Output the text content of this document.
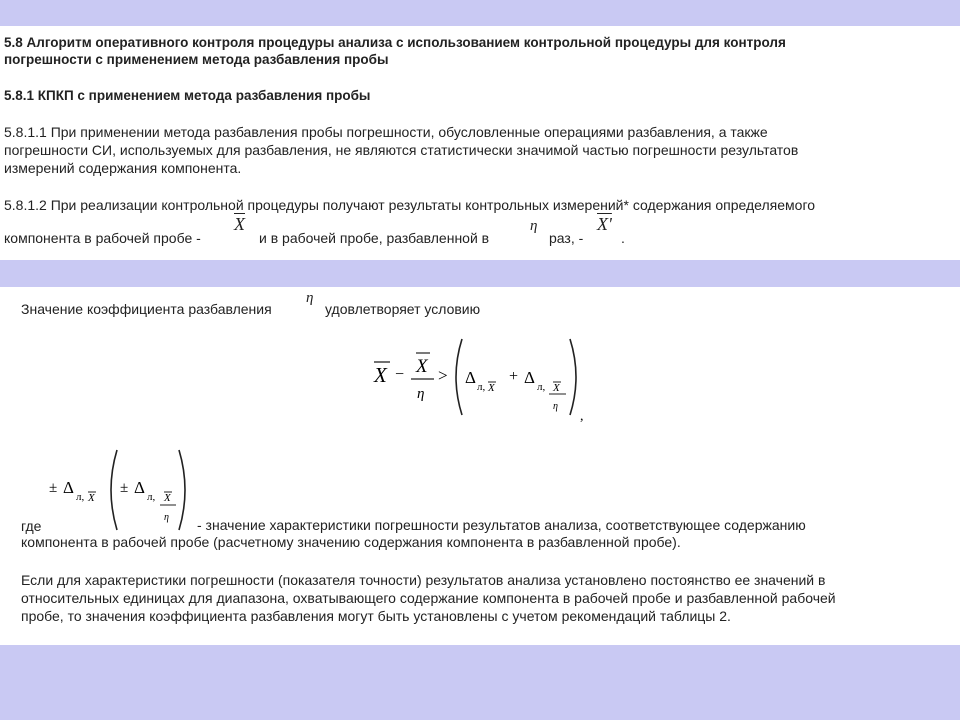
5.8 Алгоритм оперативного контроля процедуры анализа с использованием контрольной процедуры для контроля
погрешности с применением метода разбавления пробы
5.8.1 КПКП с применением метода разбавления пробы
5.8.1.1 При применении метода разбавления пробы погрешности, обусловленные операциями разбавления, а также
погрешности СИ, используемых для разбавления, не являются статистически значимой частью погрешности результатов
измерений содержания компонента.
5.8.1.2 При реализации контрольной процедуры получают результаты контрольных измерений* содержания определяемого
компонента в рабочей пробе -
$\overline{X}$
и в рабочей пробе, разбавленной в
η
раз, -
X'
.
Значение коэффициента разбавления
η
удовлетворяет условию
X − X
η
> Δ л, X
+ Δ л, X
η
,
± Δ л, X
± Δ л, X
η
где	- значение характеристики погрешности результатов анализа, соответствующее содержанию
компонента в рабочей пробе (расчетному значению содержания компонента в разбавленной пробе).
Если для характеристики погрешности (показателя точности) результатов анализа установлено постоянство ее значений в
относительных единицах для диапазона, охватывающего содержание компонента в рабочей пробе и разбавленной рабочей
пробе, то значения коэффициента разбавления могут быть установлены с учетом рекомендаций таблицы 2.
